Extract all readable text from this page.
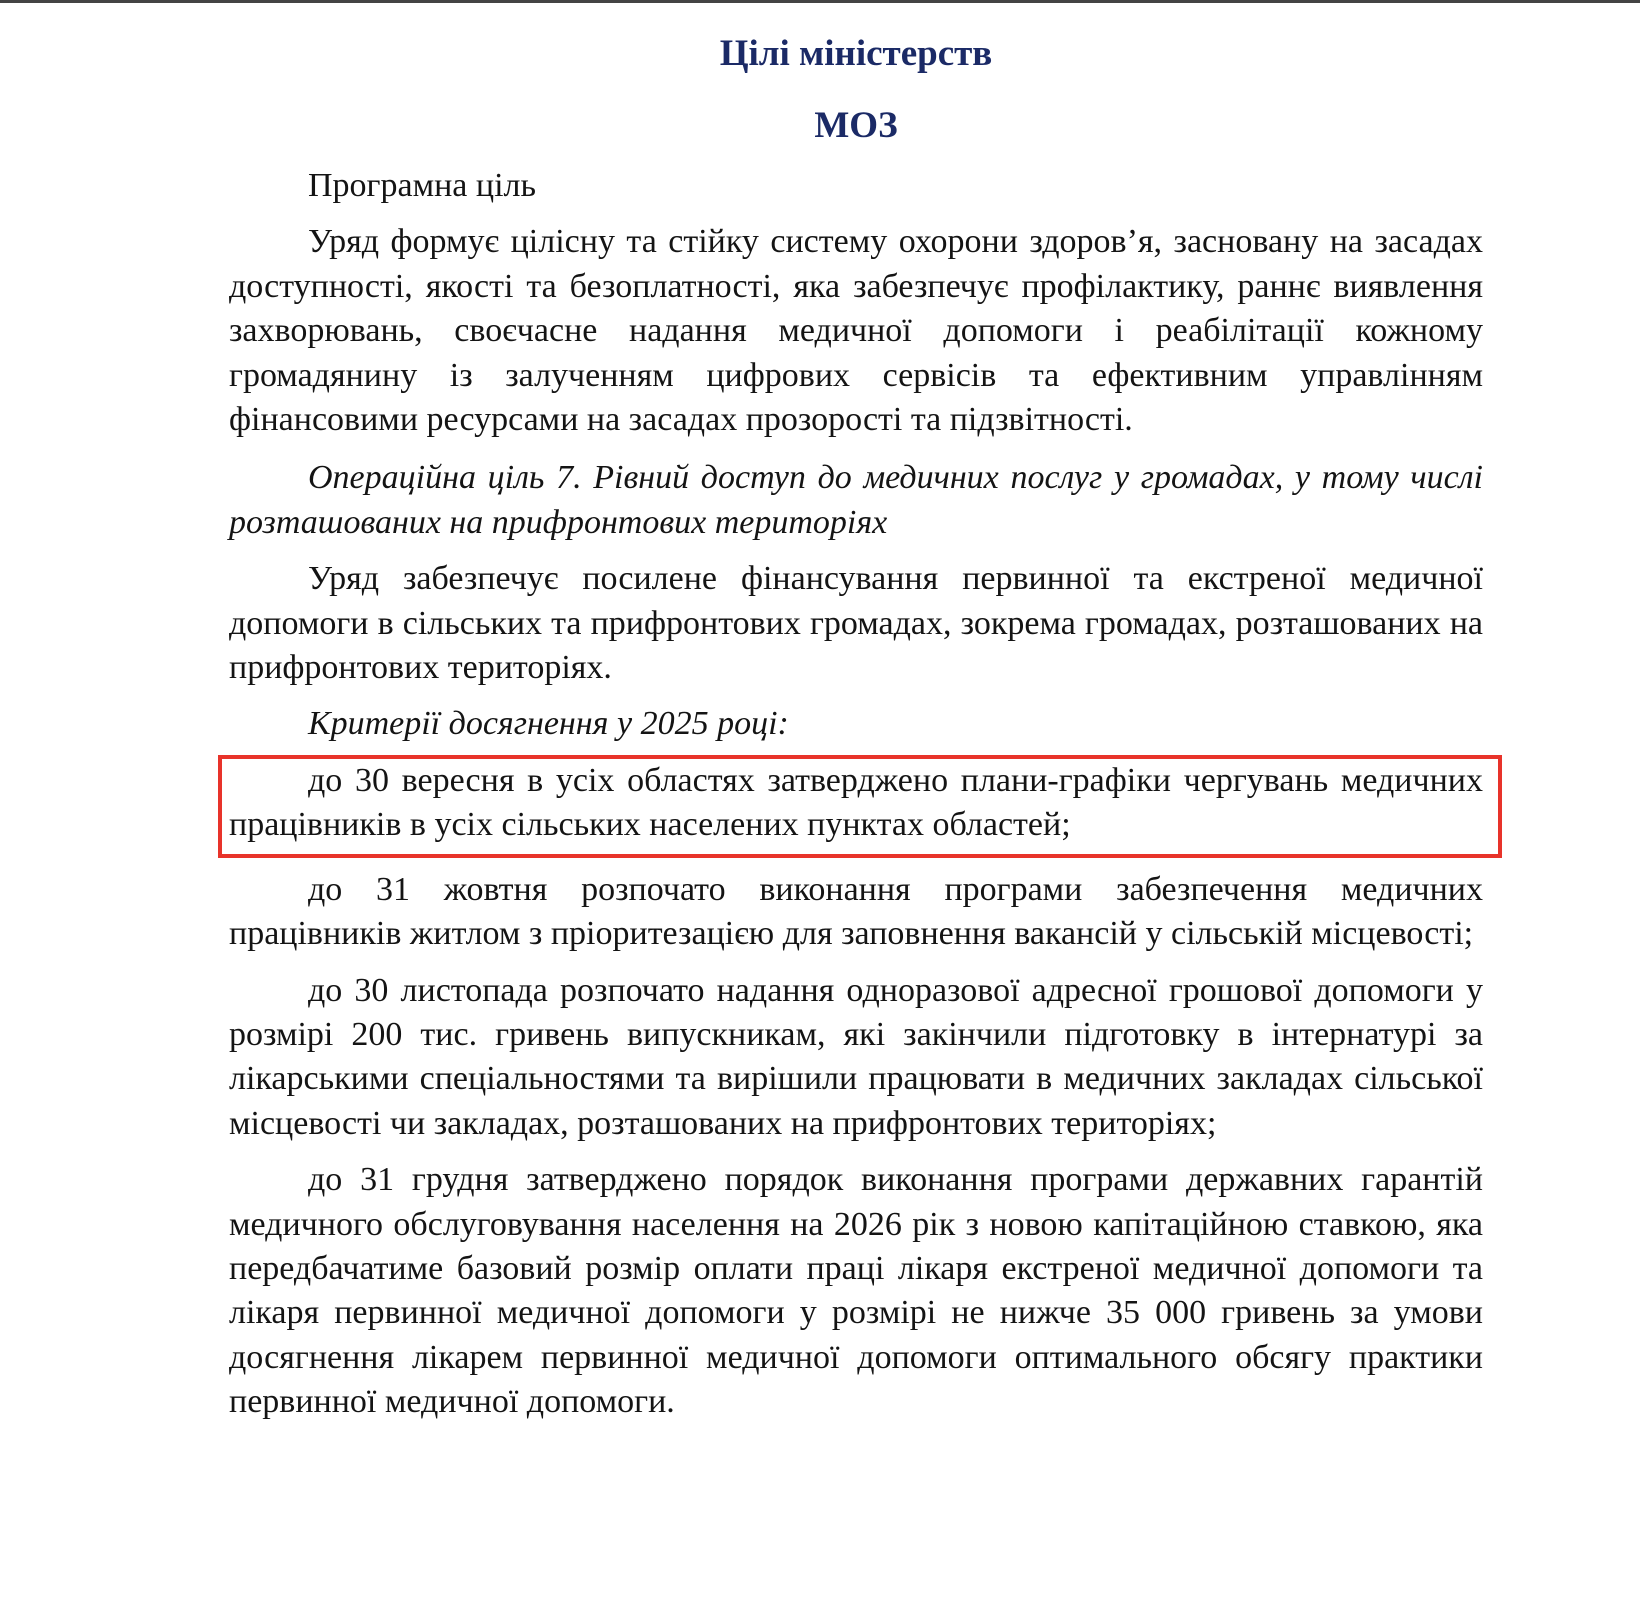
Цілі міністерств
МОЗ

Програмна ціль

Уряд формує цілісну та стійку систему охорони здоров’я, засновану на засадах доступності, якості та безоплатності, яка забезпечує профілактику, раннє виявлення захворювань, своєчасне надання медичної допомоги і реабілітації кожному громадянину із залученням цифрових сервісів та ефективним управлінням фінансовими ресурсами на засадах прозорості та підзвітності.

Операційна ціль 7. Рівний доступ до медичних послуг у громадах, у тому числі розташованих на прифронтових територіях

Уряд забезпечує посилене фінансування первинної та екстреної медичної допомоги в сільських та прифронтових громадах, зокрема громадах, розташованих на прифронтових територіях.

Критерії досягнення у 2025 році:

до 30 вересня в усіх областях затверджено плани-графіки чергувань медичних працівників в усіх сільських населених пунктах областей;

до 31 жовтня розпочато виконання програми забезпечення медичних працівників житлом з пріоритезацією для заповнення вакансій у сільській місцевості;

до 30 листопада розпочато надання одноразової адресної грошової допомоги у розмірі 200 тис. гривень випускникам, які закінчили підготовку в інтернатурі за лікарськими спеціальностями та вирішили працювати в медичних закладах сільської місцевості чи закладах, розташованих на прифронтових територіях;

до 31 грудня затверджено порядок виконання програми державних гарантій медичного обслуговування населення на 2026 рік з новою капітаційною ставкою, яка передбачатиме базовий розмір оплати праці лікаря екстреної медичної допомоги та лікаря первинної медичної допомоги у розмірі не нижче 35 000 гривень за умови досягнення лікарем первинної медичної допомоги оптимального обсягу практики первинної медичної допомоги.
